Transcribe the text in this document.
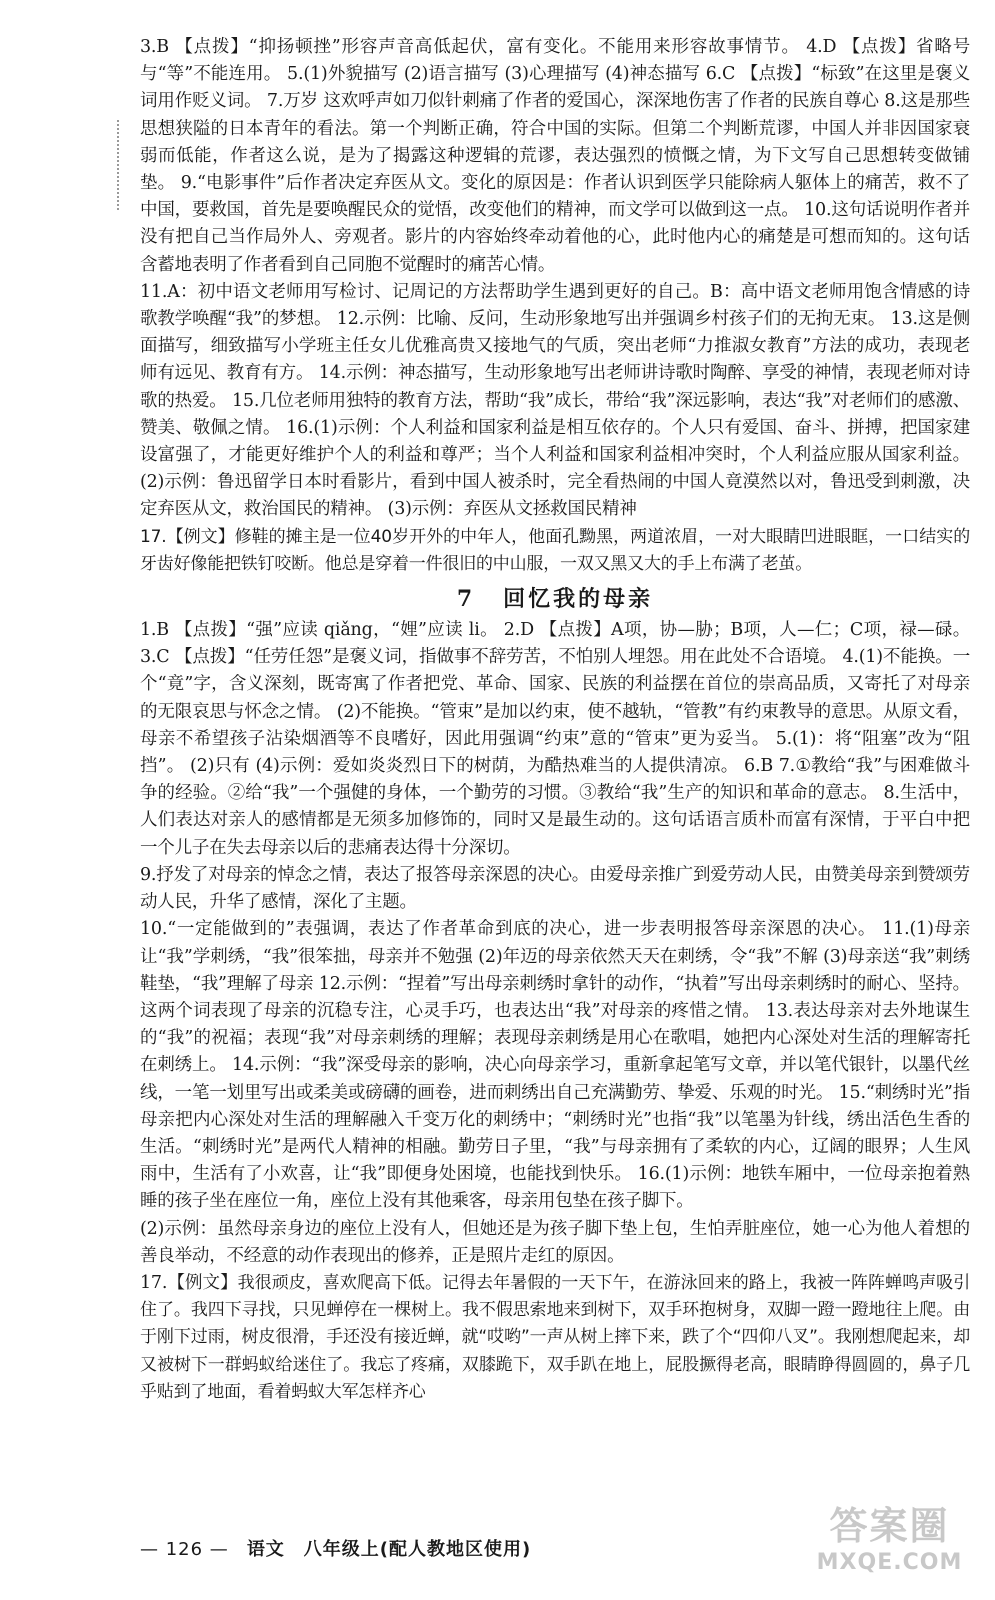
3.B 【点拨】“抑扬顿挫”形容声音高低起伏，富有变化。不能用来形容故事情节。 4.D 【点拨】省略号与“等”不能连用。 5.(1)外貌描写 (2)语言描写 (3)心理描写 (4)神态描写 6.C 【点拨】“标致”在这里是褒义词用作贬义词。 7.万岁 这欢呼声如刀似针刺痛了作者的爱国心，深深地伤害了作者的民族自尊心 8.这是那些思想狭隘的日本青年的看法。第一个判断正确，符合中国的实际。但第二个判断荒谬，中国人并非因国家衰弱而低能，作者这么说，是为了揭露这种逻辑的荒谬，表达强烈的愤慨之情，为下文写自己思想转变做铺垫。 9.“电影事件”后作者决定弃医从文。变化的原因是：作者认识到医学只能除病人躯体上的痛苦，救不了中国，要救国，首先是要唤醒民众的觉悟，改变他们的精神，而文学可以做到这一点。 10.这句话说明作者并没有把自己当作局外人、旁观者。影片的内容始终牵动着他的心，此时他内心的痛楚是可想而知的。这句话含蓄地表明了作者看到自己同胞不觉醒时的痛苦心情。

11.A：初中语文老师用写检讨、记周记的方法帮助学生遇到更好的自己。B：高中语文老师用饱含情感的诗歌教学唤醒“我”的梦想。 12.示例：比喻、反问，生动形象地写出并强调乡村孩子们的无拘无束。 13.这是侧面描写，细致描写小学班主任女儿优雅高贵又接地气的气质，突出老师“力推淑女教育”方法的成功，表现老师有远见、教育有方。 14.示例：神态描写，生动形象地写出老师讲诗歌时陶醉、享受的神情，表现老师对诗歌的热爱。 15.几位老师用独特的教育方法，帮助“我”成长，带给“我”深远影响，表达“我”对老师们的感激、赞美、敬佩之情。 16.(1)示例：个人利益和国家利益是相互依存的。个人只有爱国、奋斗、拼搏，把国家建设富强了，才能更好维护个人的利益和尊严；当个人利益和国家利益相冲突时，个人利益应服从国家利益。 (2)示例：鲁迅留学日本时看影片，看到中国人被杀时，完全看热闹的中国人竟漠然以对，鲁迅受到刺激，决定弃医从文，救治国民的精神。 (3)示例：弃医从文拯救国民精神

17.【例文】修鞋的摊主是一位40岁开外的中年人，他面孔黝黑，两道浓眉，一对大眼睛凹进眼眶，一口结实的牙齿好像能把铁钉咬断。他总是穿着一件很旧的中山服，一双又黑又大的手上布满了老茧。

7 回忆我的母亲

1.B 【点拨】“强”应读 qiǎng，“娌”应读 li。 2.D 【点拨】A项，协—胁；B项，人—仁；C项，禄—碌。 3.C 【点拨】“任劳任怨”是褒义词，指做事不辞劳苦，不怕别人埋怨。用在此处不合语境。 4.(1)不能换。一个“竟”字，含义深刻，既寄寓了作者把党、革命、国家、民族的利益摆在首位的崇高品质，又寄托了对母亲的无限哀思与怀念之情。 (2)不能换。“管束”是加以约束，使不越轨，“管教”有约束教导的意思。从原文看，母亲不希望孩子沾染烟酒等不良嗜好，因此用强调“约束”意的“管束”更为妥当。 5.(1)：将“阻塞”改为“阻挡”。 (2)只有 (4)示例：爱如炎炎烈日下的树荫，为酷热难当的人提供清凉。 6.B 7.①教给“我”与困难做斗争的经验。②给“我”一个强健的身体，一个勤劳的习惯。③教给“我”生产的知识和革命的意志。 8.生活中，人们表达对亲人的感情都是无须多加修饰的，同时又是最生动的。这句话语言质朴而富有深情，于平白中把一个儿子在失去母亲以后的悲痛表达得十分深切。

9.抒发了对母亲的悼念之情，表达了报答母亲深恩的决心。由爱母亲推广到爱劳动人民，由赞美母亲到赞颂劳动人民，升华了感情，深化了主题。

10.“一定能做到的”表强调，表达了作者革命到底的决心，进一步表明报答母亲深恩的决心。 11.(1)母亲让“我”学刺绣，“我”很笨拙，母亲并不勉强 (2)年迈的母亲依然天天在刺绣，令“我”不解 (3)母亲送“我”刺绣鞋垫，“我”理解了母亲 12.示例：“捏着”写出母亲刺绣时拿针的动作，“执着”写出母亲刺绣时的耐心、坚持。这两个词表现了母亲的沉稳专注，心灵手巧，也表达出“我”对母亲的疼惜之情。 13.表达母亲对去外地谋生的“我”的祝福；表现“我”对母亲刺绣的理解；表现母亲刺绣是用心在歌唱，她把内心深处对生活的理解寄托在刺绣上。 14.示例：“我”深受母亲的影响，决心向母亲学习，重新拿起笔写文章，并以笔代银针，以墨代丝线，一笔一划里写出或柔美或磅礴的画卷，进而刺绣出自己充满勤劳、挚爱、乐观的时光。 15.“刺绣时光”指母亲把内心深处对生活的理解融入千变万化的刺绣中；“刺绣时光”也指“我”以笔墨为针线，绣出活色生香的生活。“刺绣时光”是两代人精神的相融。勤劳日子里，“我”与母亲拥有了柔软的内心，辽阔的眼界；人生风雨中，生活有了小欢喜，让“我”即便身处困境，也能找到快乐。 16.(1)示例：地铁车厢中，一位母亲抱着熟睡的孩子坐在座位一角，座位上没有其他乘客，母亲用包垫在孩子脚下。

(2)示例：虽然母亲身边的座位上没有人，但她还是为孩子脚下垫上包，生怕弄脏座位，她一心为他人着想的善良举动，不经意的动作表现出的修养，正是照片走红的原因。

17.【例文】我很顽皮，喜欢爬高下低。记得去年暑假的一天下午，在游泳回来的路上，我被一阵阵蝉鸣声吸引住了。我四下寻找，只见蝉停在一棵树上。我不假思索地来到树下，双手环抱树身，双脚一蹬一蹬地往上爬。由于刚下过雨，树皮很滑，手还没有接近蝉，就“哎哟”一声从树上摔下来，跌了个“四仰八叉”。我刚想爬起来，却又被树下一群蚂蚁给迷住了。我忘了疼痛，双膝跪下，双手趴在地上，屁股撅得老高，眼睛睁得圆圆的，鼻子几乎贴到了地面，看着蚂蚁大军怎样齐心

— 126 — 语文　八年级上(配人教地区使用)
答案圈
MXQE.COM
